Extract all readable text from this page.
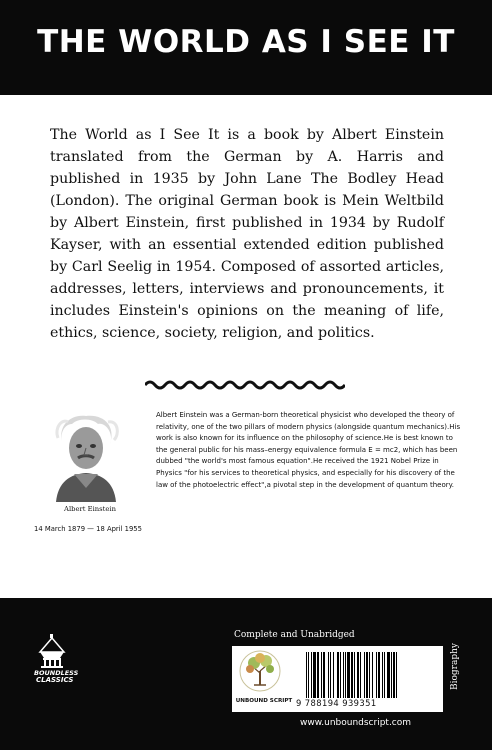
THE WORLD AS I SEE IT
The World as I See It is a book by Albert Einstein translated from the German by A. Harris and published in 1935 by John Lane The Bodley Head (London). The original German book is Mein Weltbild by Albert Einstein, first published in 1934 by Rudolf Kayser, with an essential extended edition published by Carl Seelig in 1954. Composed of assorted articles, addresses, letters, interviews and pronouncements, it includes Einstein's opinions on the meaning of life, ethics, science, society, religion, and politics.
Albert Einstein
14 March 1879 — 18 April 1955
Albert Einstein was a German-born theoretical physicist who developed the theory of relativity, one of the two pillars of modern physics (alongside quantum mechanics).His work is also known for its influence on the philosophy of science.He is best known to the general public for his mass–energy equivalence formula E = mc2, which has been dubbed "the world's most famous equation".He received the 1921 Nobel Prize in Physics "for his services to theoretical physics, and especially for his discovery of the law of the photoelectric effect",a pivotal step in the development of quantum theory.
BOUNDLESS
CLASSICS
Complete and Unabridged
UNBOUND SCRIPT 9 788194 939351
Biography
www.unboundscript.com
